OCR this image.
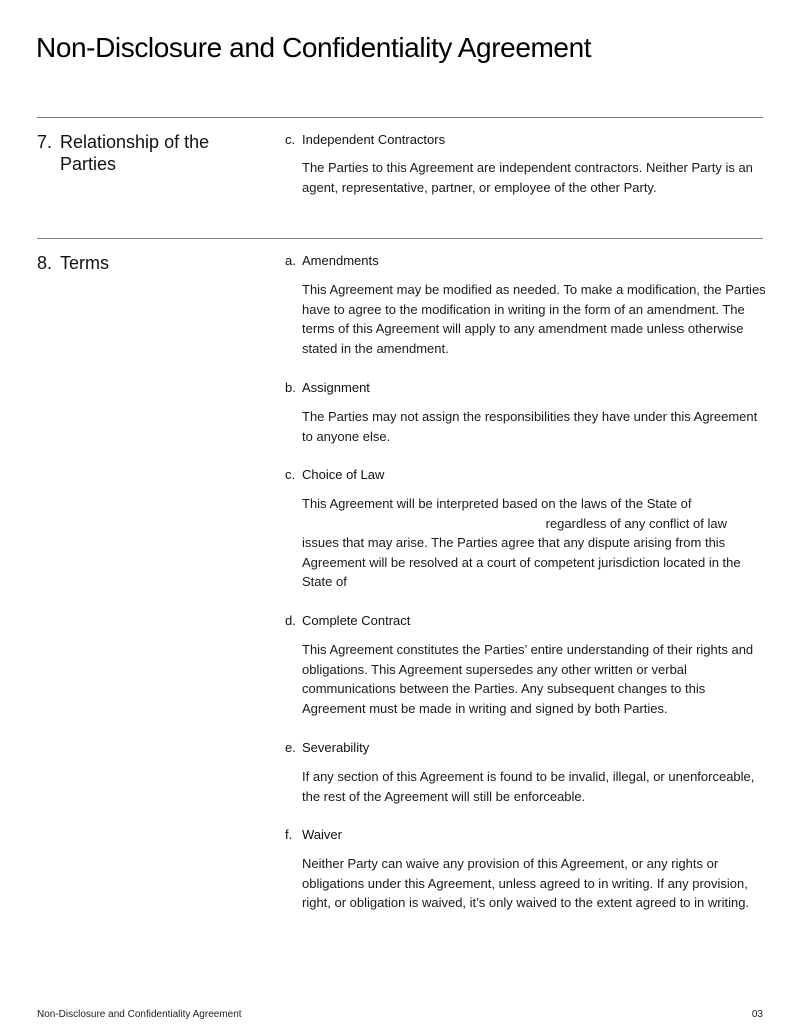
Non-Disclosure and Confidentiality Agreement
7. Relationship of the Parties
c. Independent Contractors

The Parties to this Agreement are independent contractors. Neither Party is an agent, representative, partner, or employee of the other Party.

8. Terms	a. Amendments

This Agreement may be modified as needed. To make a modification, the Parties have to agree to the modification in writing in the form of an amendment. The terms of this Agreement will apply to any amendment made unless otherwise stated in the amendment.

b. Assignment

The Parties may not assign the responsibilities they have under this Agreement to anyone else.

c. Choice of Law

This Agreement will be interpreted based on the laws of the State of
regardless of any conflict of law issues that may arise. The Parties agree that any dispute arising from this Agreement will be resolved at a court of competent jurisdiction located in the State of

d. Complete Contract

This Agreement constitutes the Parties’ entire understanding of their rights and obligations. This Agreement supersedes any other written or verbal communications between the Parties. Any subsequent changes to this Agreement must be made in writing and signed by both Parties.

e. Severability

If any section of this Agreement is found to be invalid, illegal, or unenforceable, the rest of the Agreement will still be enforceable.

f. Waiver

Neither Party can waive any provision of this Agreement, or any rights or obligations under this Agreement, unless agreed to in writing. If any provision, right, or obligation is waived, it’s only waived to the extent agreed to in writing.

Non-Disclosure and Confidentiality Agreement	03
